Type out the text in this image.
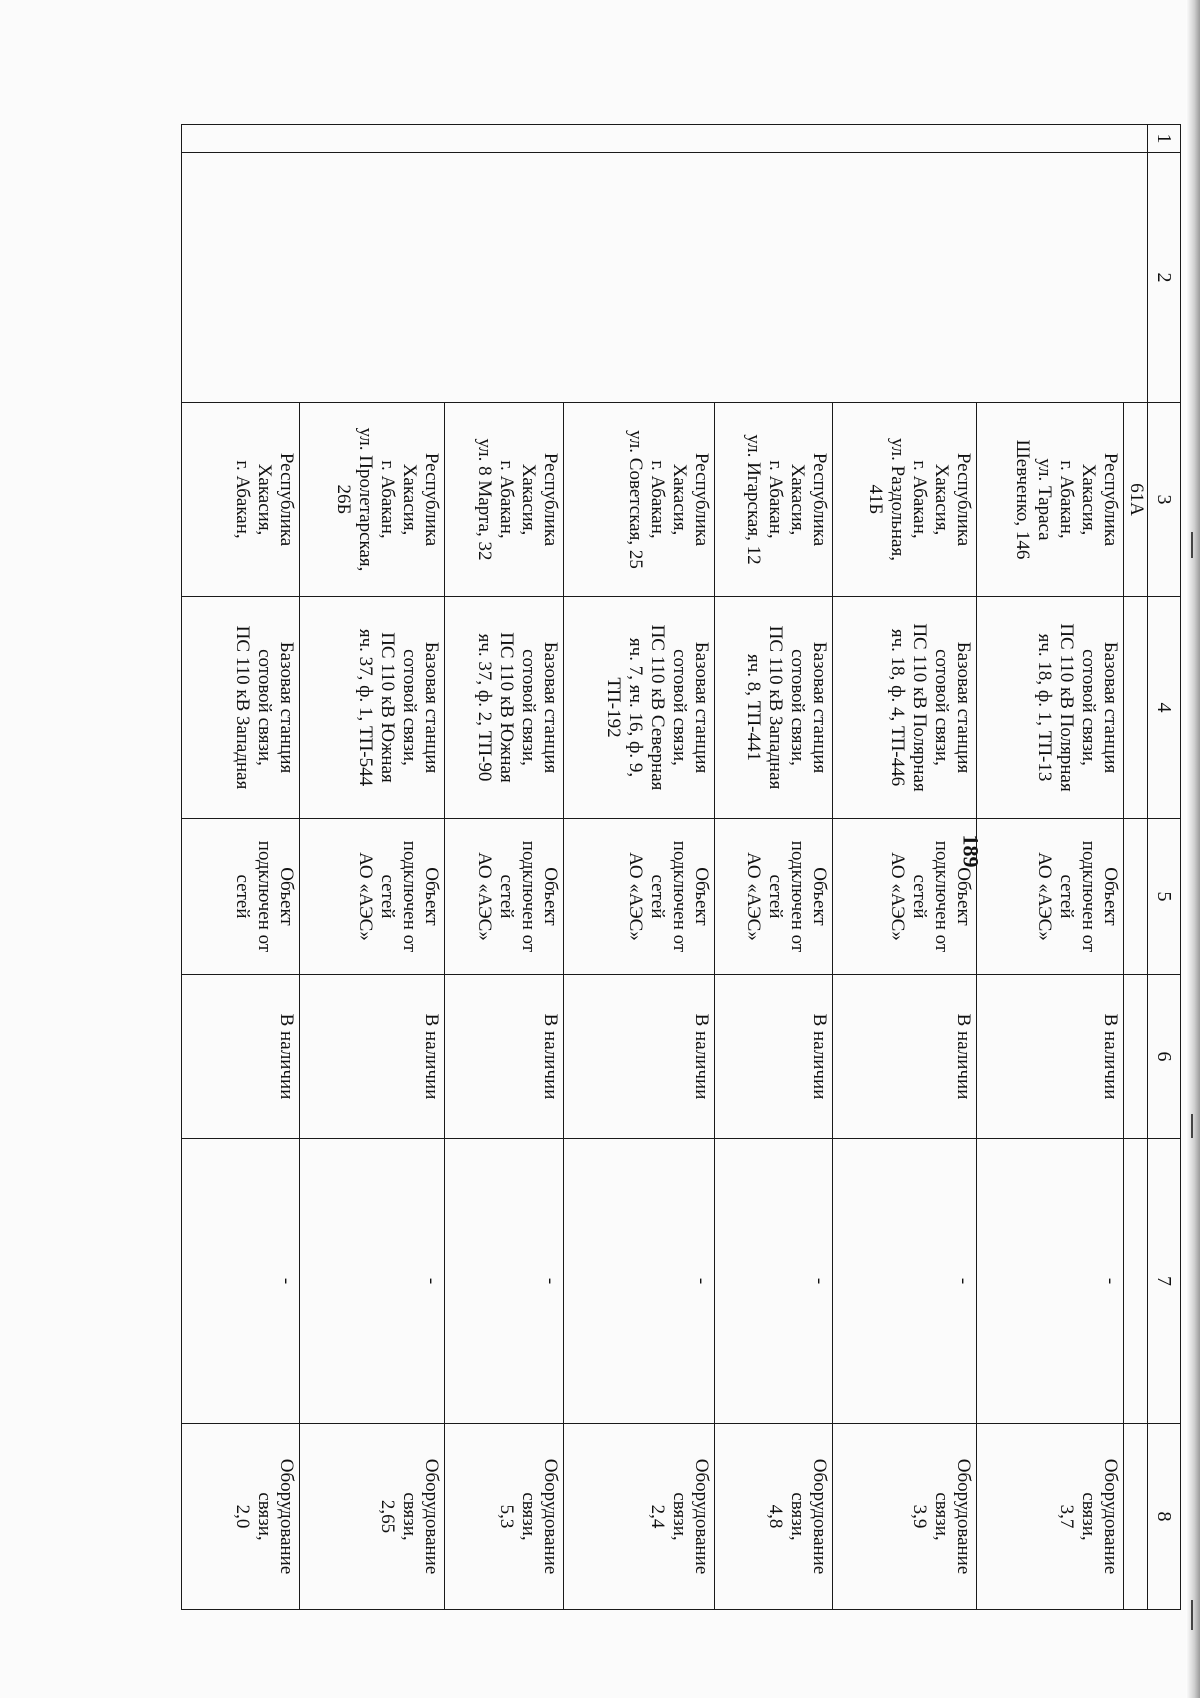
189
1	2	3	4	5	6	7	8
		61А					

		Республика
Хакасия,
г. Абакан,
ул. Тараса
Шевченко, 146	Базовая станция
сотовой связи,
ПС 110 кВ Полярная
яч. 18, ф. 1, ТП-13	Объект
подключен от
сетей
АО «АЭС»	В наличии	-	Оборудование
связи,
3,7

		Республика
Хакасия,
г. Абакан,
ул. Раздольная,
41Б	Базовая станция
сотовой связи,
ПС 110 кВ Полярная
яч. 18, ф. 4, ТП-446	Объект
подключен от
сетей
АО «АЭС»	В наличии	-	Оборудование
связи,
3,9

		Республика
Хакасия,
г. Абакан,
ул. Игарская, 12	Базовая станция
сотовой связи,
ПС 110 кВ Западная
яч. 8, ТП-441	Объект
подключен от
сетей
АО «АЭС»	В наличии	-	Оборудование
связи,
4,8

		Республика
Хакасия,
г. Абакан,
ул. Советская, 25	Базовая станция
сотовой связи,
ПС 110 кВ Северная
яч. 7, яч. 16, ф. 9,
ТП-192	Объект
подключен от
сетей
АО «АЭС»	В наличии	-	Оборудование
связи,
2,4

		Республика
Хакасия,
г. Абакан,
ул. 8 Марта, 32	Базовая станция
сотовой связи,
ПС 110 кВ Южная
яч. 37, ф. 2, ТП-90	Объект
подключен от
сетей
АО «АЭС»	В наличии	-	Оборудование
связи,
5,3

		Республика
Хакасия,
г. Абакан,
ул. Пролетарская,
26Б	Базовая станция
сотовой связи,
ПС 110 кВ Южная
яч. 37, ф. 1, ТП-544	Объект
подключен от
сетей
АО «АЭС»	В наличии	-	Оборудование
связи,
2,65

		Республика
Хакасия,
г. Абакан,	Базовая станция
сотовой связи,
ПС 110 кВ Западная	Объект
подключен от
сетей	В наличии	-	Оборудование
связи,
2,0
